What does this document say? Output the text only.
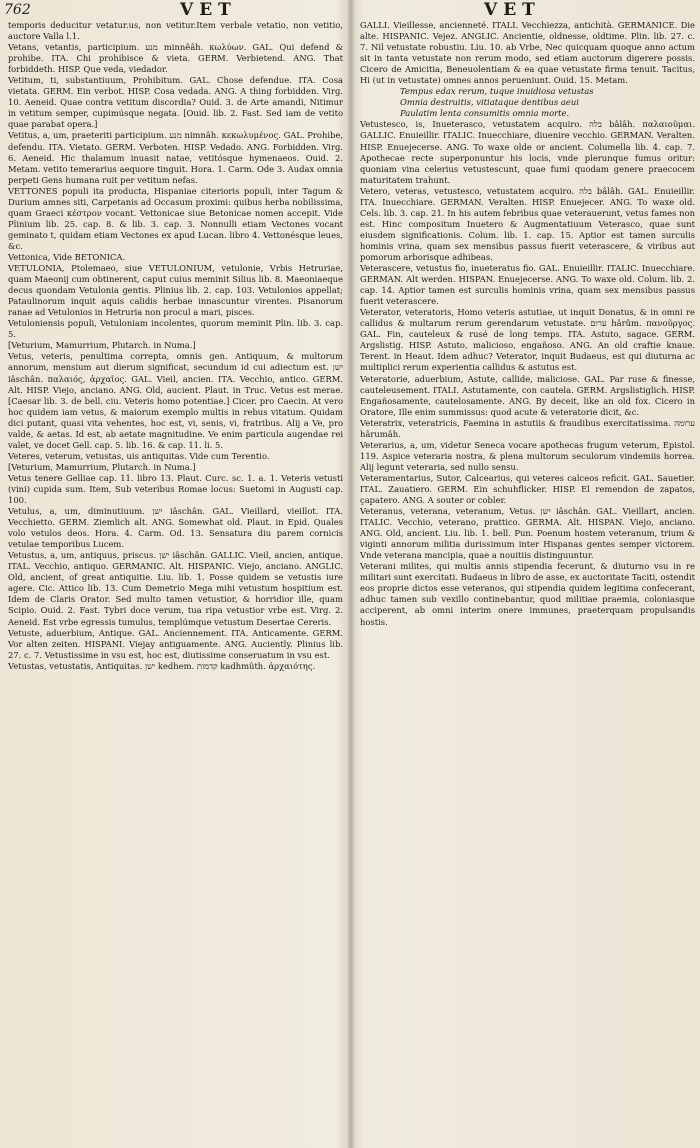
762	VET	VET

temporis deducitur vetatur.us, non vetitur.Item verbale vetatio, non vetitio, auctore Valla l.1.

Vetans, vetantis, participium. מנע minnêâh. κωλύων. GAL. Qui defend & prohibe. ITA. Chi prohibisce & vieta. GERM. Verbietend. ANG. That forbiddeth. HISP. Que veda, viedador.

Vetitum, ti, substantiuum, Prohibitum. GAL. Chose defendue. ITA. Cosa vietata. GERM. Ein verbot. HISP. Cosa vedada. ANG. A thing forbidden. Virg. 10. Aeneid. Quae contra vetitum discordia? Ouid. 3. de Arte amandi, Nitimur in vetitum semper, cupimúsque negata. [Ouid. lib. 2. Fast. Sed iam de vetito quae parabat opera.]

Vetitus, a, um, praeteriti participium. מנע nimnâh. κεκωλυμένος. GAL. Prohibe, defendu. ITA. Vietato. GERM. Verboten. HISP. Vedado. ANG. Forbidden. Virg. 6. Aeneid. Hic thalamum inuasit natae, vetitósque hymenaeos. Ouid. 2. Metam. vetito temerarius aequore tinguit. Hora. 1. Carm. Ode 3. Audax omnia perpeti Gens humana ruit per vetitum nefas.

VETTONES populi ita producta, Hispaniae citerioris populi, inter Tagum & Durium amnes siti, Carpetanis ad Occasum proximi: quibus herba nobilissima, quam Graeci κέστρον vocant. Vettonicae siue Betonicae nomen accepit. Vide Plinium lib. 25. cap. 8. & lib. 3. cap. 3. Nonnulli etiam Vectones vocant geminato t, quidam etiam Vectones ex apud Lucan. libro 4. Vettonésque leues, &c.

Vettonica, Vide BETONICA.

VETULONIA, Ptolemaeo, siue VETULONIUM, vetulonie, Vrbis Hetruriae, quam Maeonij cum obtinerent, caput cuius meminit Silius lib. 8. Maeoniaeque decus quondam Vetulonia gentis. Plinius lib. 2. cap. 103. Vetulonios appellat; Pataulinorum inquit aquis calidis herbae innascuntur virentes. Pisanorum ranae ad Vetulonios in Hetruria non procul a mari, pisces.

Vetuloniensis populi, Vetuloniam incolentes, quorum meminit Plin. lib. 3. cap. 5.

[Veturium, Mamurrium, Plutarch. in Numa.]

Vetus, veteris, penultima correpta, omnis gen. Antiquum, & multorum annorum, mensium aut dierum significat, secundum id cui adiectum est. ישן iâschân. παλαιός, ἀρχαῖος. GAL. Vieil, ancien. ITA. Vecchio, antico. GERM. Alt. HISP. Viejo, anciano. ANG. Old, aucient. Plaut. in Truc. Vetus est merae. [Caesar lib. 3. de bell. ciu. Veteris homo potentiae.] Cicer. pro Caecin. At vero hoc quidem iam vetus, & maiorum exemplo multis in rebus vitatum. Quidam dici putant, quasi vita vehentes, hoc est, vi, senis, vi, fratribus. Alij a Ve, pro valde, & aetas. Id est, ab aetate magnitudine. Ve enim particula augendae rei valet, ve docet Gell. cap. 5. lib. 16. & cap. 11. li. 5.

Veteres, veterum, vetustas, uis antiquitas. Vide cum Terentio.

[Veturium, Mamurrium, Plutarch. in Numa.]

Vetus tenere Gelliae cap. 11. libro 13. Plaut. Curc. sc. 1. a. 1. Veteris vetusti (vini) cupida sum. Item, Sub veteribus Romae locus: Suetomi in Augusti cap. 100.

Vetulus, a, um, diminutiuum. ישן iâschân. GAL. Vieillard, vieillot. ITA. Vecchietto. GERM. Ziemlich alt. ANG. Somewhat old. Plaut. in Epid. Quales volo vetulos deos. Hora. 4. Carm. Od. 13. Sensatura diu parem cornicis vetulae temporibus Lucem.

Vetustus, a, um, antiquus, priscus. ישן iâschân. GALLIC. Vieil, ancien, antique. ITAL. Vecchio, antiquo. GERMANIC. Alt. HISPANIC. Viejo, anciano. ANGLIC. Old, ancient, of great antiquitie. Liu. lib. 1. Posse quidem se vetustis iure agere. Cic. Attico lib. 13. Cum Demetrio Mega mihi vetustum hospitium est. Idem de Claris Orator. Sed multo tamen vetustior, & horridior ille, quam Scipio. Ouid. 2. Fast. Tybri doce verum, tua ripa vetustior vrbe est. Virg. 2. Aeneid. Est vrbe egressis tumulus, templúmque vetustum Desertae Cereris.

Vetuste, aduerbium, Antique. GAL. Anciennement. ITA. Anticamente. GERM. Vor alten zeiten. HISPANI. Viejay antiguamente. ANG. Auciently. Plinius lib. 27. c. 7. Vetustissime in vsu est, hoc est, diutissime conseruatum in vsu est.

Vetustas, vetustatis, Antiquitas. ישן kedhem. קדמות kadhmûth. ἀρχαιότης.

GALLI. Vieillesse, ancienneté. ITALI. Vecchiezza, antichità. GERMANICE. Die alte. HISPANIC. Vejez. ANGLIC. Ancientie, oldnesse, oldtime. Plin. lib. 27. c. 7. Nil vetustate robustiu. Liu. 10. ab Vrbe, Nec quicquam quoque anno actum sit in tanta vetustate non rerum modo, sed etiam auctorum digerere possis. Cicero de Amicitia, Beneuolentiam & ea quae vetustate firma tenuit. Tacitus, Hi (ut in vetustate) omnes annos perueniunt. Ouid. 15. Metam.

Tempus edax rerum, tuque inuidiosa vetustas

Omnia destruitis, vitiataque dentibus aeui

Paulatim lenta consumitis omnia morte.

Vetustesco, is, Inueterasco, vetustatem acquiro. בלה bâlâh. παλαιοῦμαι. GALLIC. Enuieillir. ITALIC. Inuecchiare, diuenire vecchio. GERMAN. Veralten. HISP. Enuejecerse. ANG. To waxe olde or ancient. Columella lib. 4. cap. 7. Apothecae recte superponuntur his locis, vnde plerunque fumus oritur: quoniam vina celerius vetustescunt, quae fumi quodam genere praecocem maturitatem trahunt.

Vetero, veteras, vetustesco, vetustatem acquiro. בלה bâlâh. GAL. Enuieillir. ITA. Inuecchiare. GERMAN. Veralten. HISP. Enuejecer. ANG. To waxe old. Cels. lib. 3. cap. 21. In his autem febribus quae veterauerunt, vetus fames non est. Hinc compositum Inuetero & Augmentatiuum Veterasco, quae sunt eiusdem significationis. Colum. lib. 1. cap. 15. Aptior est tamen surculis hominis vrina, quam sex mensibus passus fuerit veterascere, & viribus aut pomorum arborisque adhibeas.

Veterascere, vetustus fio, inueteratus fio. GAL. Enuieillir. ITALIC. Inuecchiare. GERMAN. Alt werden. HISPAN. Enuejecerse. ANG. To waxe old. Colum. lib. 2. cap. 14. Aptior tamen est surculis hominis vrina, quam sex mensibus passus fuerit veterascere.

Veterator, veteratoris, Homo veteris astutiae, ut inquit Donatus, & in omni re callidus & multarum rerum gerendarum vetustate. ערום hârûm. πανοῦργος. GAL. Fin, cauteleux & rusé de long temps. ITA. Astuto, sagace. GERM. Argslistig. HISP. Astuto, malicioso, engañoso. ANG. An old craftie knaue. Terent. in Heaut. Idem adhuc? Veterator, inquit Budaeus, est qui diuturna ac multiplici rerum experientia callidus & astutus est.

Veteratorie, aduerbium, Astute, callide, maliciose. GAL. Par ruse & finesse, cauteleusement. ITALI. Astutamente, con cautela. GERM. Argslistiglich. HISP. Engañosamente, cautelosamente. ANG. By deceit, like an old fox. Cicero in Oratore, Ille enim summissus: quod acute & veteratorie dicit, &c.

Veteratrix, veteratricis, Faemina in astutiis & fraudibus exercitatissima. ערומה hârumâh.

Veterarius, a, um, videtur Seneca vocare apothecas frugum veterum, Epistol. 119. Aspice veteraria nostra, & plena multorum seculorum vindemiis horrea. Alij legunt veteraria, sed nullo sensu.

Veteramentarius, Sutor, Calcearius, qui veteres calceos reficit. GAL. Sauetier. ITAL. Zauatiero. GERM. Ein schuhflicker. HISP. El remendon de zapatos, çapatero. ANG. A souter or cobler.

Veteranus, veterana, veteranum, Vetus. ישן iâschân. GAL. Vieillart, ancien. ITALIC. Vecchio, veterano, prattico. GERMA. Alt. HISPAN. Viejo, anciano. ANG. Old, ancient. Liu. lib. 1. bell. Pun. Poenum hostem veteranum, trium & viginti annorum militia durissimum inter Hispanas gentes semper victorem. Vnde veterana mancipia, quae a nouitiis distinguuntur.

Veterani milites, qui multis annis stipendia fecerunt, & diuturno vsu in re militari sunt exercitati. Budaeus in libro de asse, ex auctoritate Taciti, ostendit eos proprie dictos esse veteranos, qui stipendia quidem legitima confecerant, adhuc tamen sub vexillo continebantur, quod militiae praemia, coloniasque acciperent, ab omni interim onere immunes, praeterquam propulsandis hostis.
